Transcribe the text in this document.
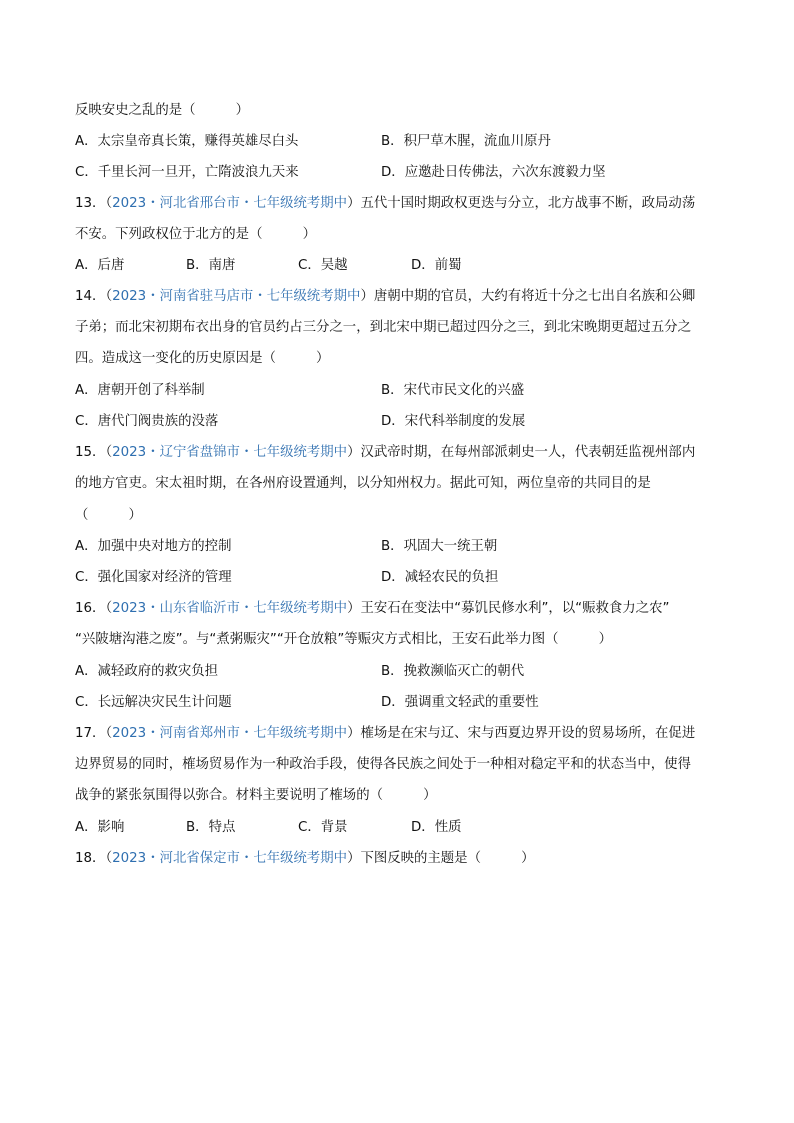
反映安史之乱的是（　　　）
A．太宗皇帝真长策，赚得英雄尽白头	B．积尸草木腥，流血川原丹
C．千里长河一旦开，亡隋波浪九天来	D．应邀赴日传佛法，六次东渡毅力坚
13．（2023・河北省邢台市・七年级统考期中）五代十国时期政权更迭与分立，北方战事不断，政局动荡
不安。下列政权位于北方的是（　　　）
A．后唐	B．南唐	C．吴越	D．前蜀
14．（2023・河南省驻马店市・七年级统考期中）唐朝中期的官员，大约有将近十分之七出自名族和公卿
子弟；而北宋初期布衣出身的官员约占三分之一，到北宋中期已超过四分之三，到北宋晚期更超过五分之
四。造成这一变化的历史原因是（　　　）
A．唐朝开创了科举制	B．宋代市民文化的兴盛
C．唐代门阀贵族的没落	D．宋代科举制度的发展
15．（2023・辽宁省盘锦市・七年级统考期中）汉武帝时期，在每州部派刺史一人，代表朝廷监视州部内
的地方官吏。宋太祖时期，在各州府设置通判，以分知州权力。据此可知，两位皇帝的共同目的是
（　　　）
A．加强中央对地方的控制	B．巩固大一统王朝
C．强化国家对经济的管理	D．减轻农民的负担
16．（2023・山东省临沂市・七年级统考期中）王安石在变法中“募饥民修水利”，以“赈救食力之农”
“兴陂塘沟港之废”。与“煮粥赈灾”“开仓放粮”等赈灾方式相比，王安石此举力图（　　　）
A．减轻政府的救灾负担	B．挽救濒临灭亡的朝代
C．长远解决灾民生计问题	D．强调重文轻武的重要性
17．（2023・河南省郑州市・七年级统考期中）榷场是在宋与辽、宋与西夏边界开设的贸易场所，在促进
边界贸易的同时，榷场贸易作为一种政治手段，使得各民族之间处于一种相对稳定平和的状态当中，使得
战争的紧张氛围得以弥合。材料主要说明了榷场的（　　　）
A．影响	B．特点	C．背景	D．性质
18．（2023・河北省保定市・七年级统考期中）下图反映的主题是（　　　）
